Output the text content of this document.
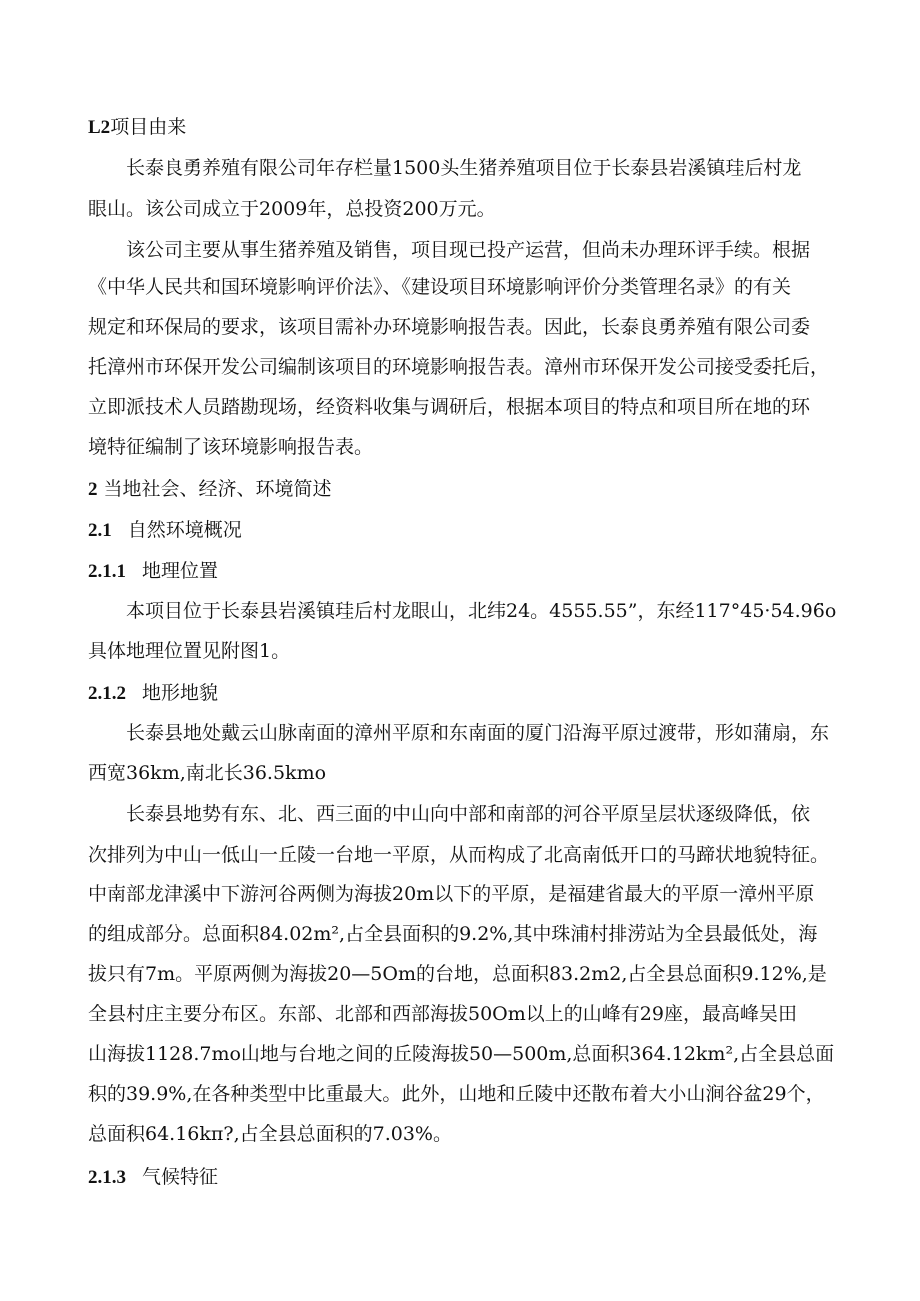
L2项目由来
长泰良勇养殖有限公司年存栏量1500头生猪养殖项目位于长泰县岩溪镇珪后村龙
眼山。该公司成立于2009年，总投资200万元。
该公司主要从事生猪养殖及销售，项目现已投产运营，但尚未办理环评手续。根据
《中华人民共和国环境影响评价法》、《建设项目环境影响评价分类管理名录》的有关
规定和环保局的要求，该项目需补办环境影响报告表。因此，长泰良勇养殖有限公司委
托漳州市环保开发公司编制该项目的环境影响报告表。漳州市环保开发公司接受委托后，
立即派技术人员踏勘现场，经资料收集与调研后，根据本项目的特点和项目所在地的环
境特征编制了该环境影响报告表。
2 当地社会、经济、环境简述
2.1 自然环境概况
2.1.1 地理位置
本项目位于长泰县岩溪镇珪后村龙眼山，北纬24。4555.55”，东经117°45·54.96̈o
具体地理位置见附图1。
2.1.2 地形地貌
长泰县地处戴云山脉南面的漳州平原和东南面的厦门沿海平原过渡带，形如蒲扇，东
西宽36km,南北长36.5kmo
长泰县地势有东、北、西三面的中山向中部和南部的河谷平原呈层状逐级降低，依
次排列为中山一低山一丘陵一台地一平原，从而构成了北高南低开口的马蹄状地貌特征。
中南部龙津溪中下游河谷两侧为海拔20m以下的平原，是福建省最大的平原一漳州平原
的组成部分。总面积84.02m²,占全县面积的9.2%,其中珠浦村排涝站为全县最低处，海
拔只有7m。平原两侧为海拔20—5Om的台地，总面积83.2m2,占全县总面积9.12%,是
全县村庄主要分布区。东部、北部和西部海拔50Om以上的山峰有29座，最高峰吴田
山海拔1128.7mo山地与台地之间的丘陵海拔50—500m,总面积364.12km²,占全县总面
积的39.9%,在各种类型中比重最大。此外，山地和丘陵中还散布着大小山涧谷盆29个，
总面积64.16kπ?,占全县总面积的7.03%。
2.1.3 气候特征
